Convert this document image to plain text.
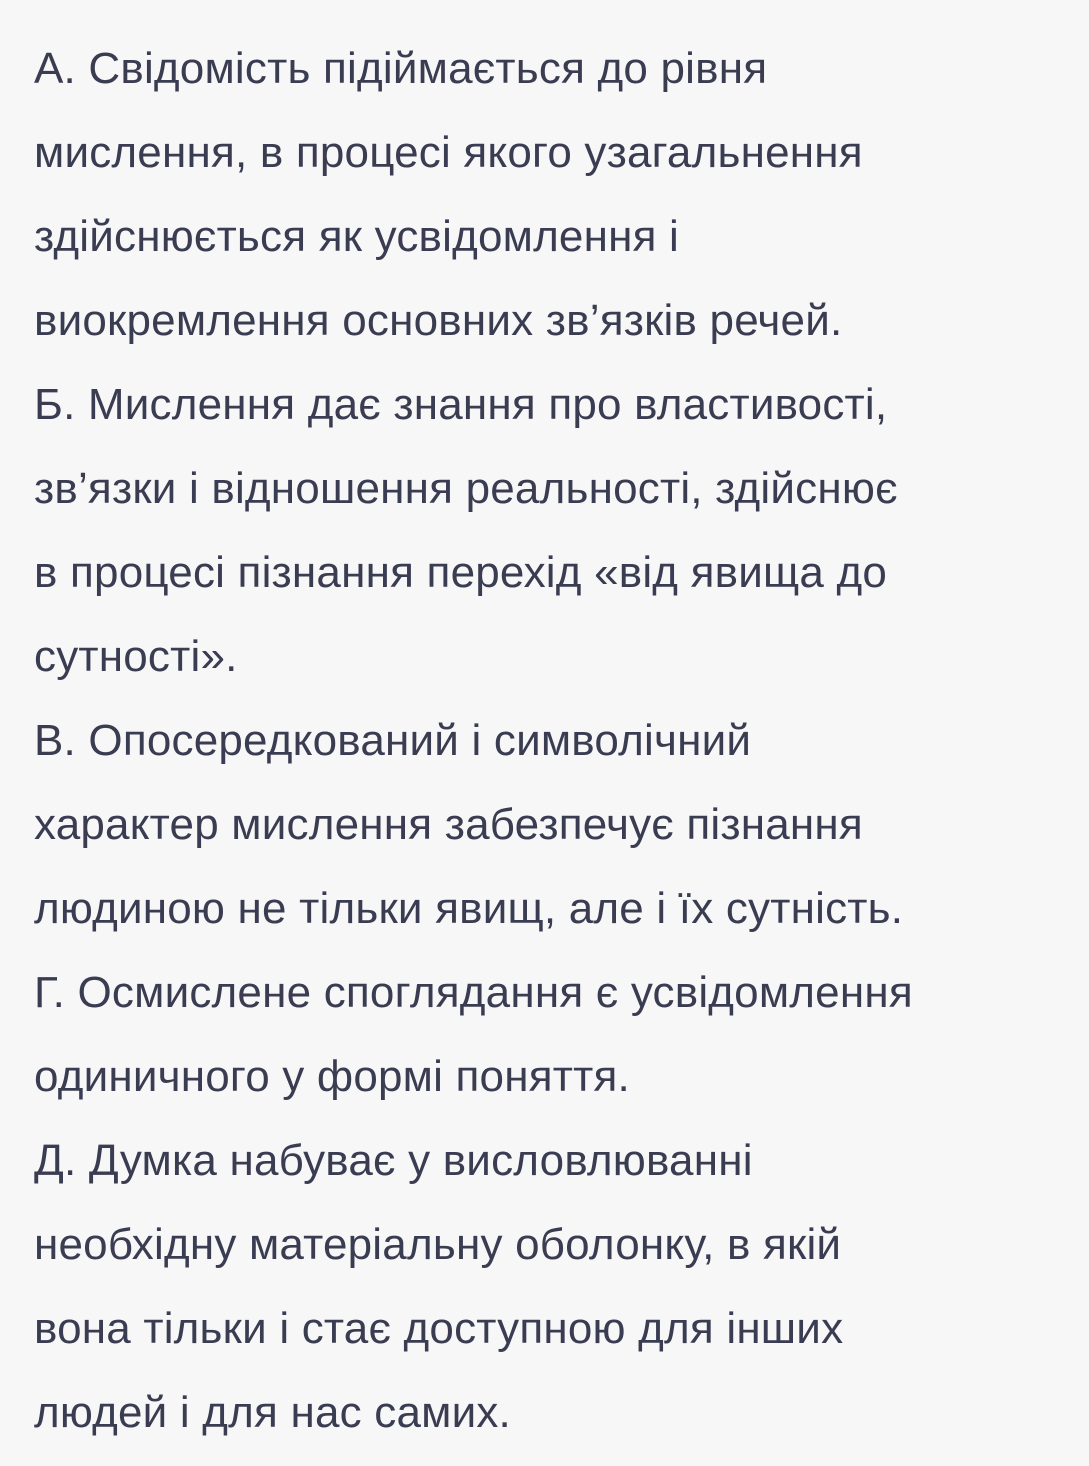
А. Свідомість підіймається до рівня
мислення, в процесі якого узагальнення
здійснюється як усвідомлення і
виокремлення основних зв’язків речей.
Б. Мислення дає знання про властивості,
зв’язки і відношення реальності, здійснює
в процесі пізнання перехід «від явища до
сутності».
В. Опосередкований і символічний
характер мислення забезпечує пізнання
людиною не тільки явищ, але і їх сутність.
Г. Осмислене споглядання є усвідомлення
одиничного у формі поняття.
Д. Думка набуває у висловлюванні
необхідну матеріальну оболонку, в якій
вона тільки і стає доступною для інших
людей і для нас самих.
